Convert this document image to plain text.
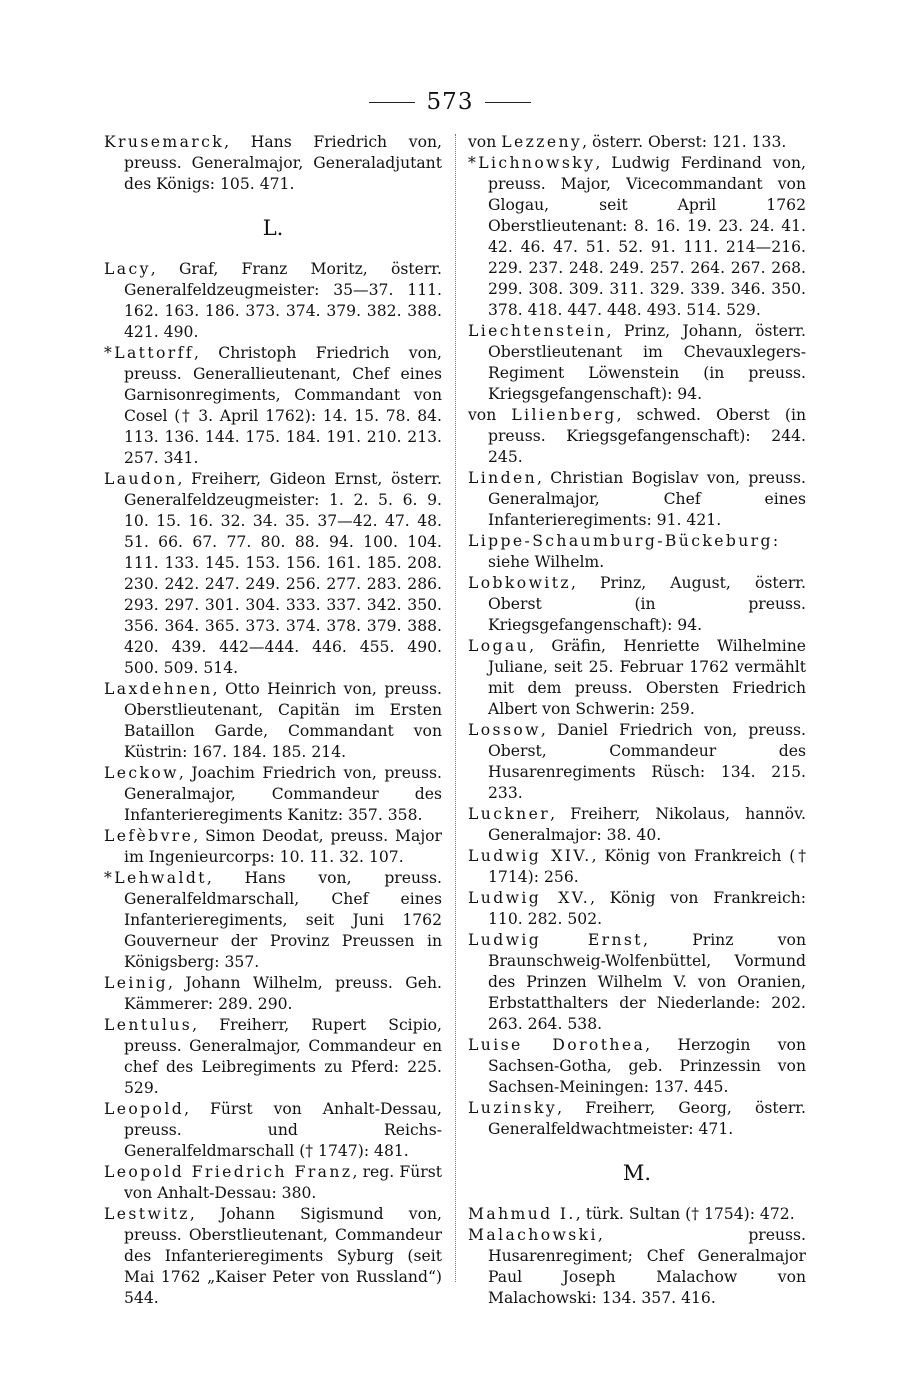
573

Krusemarck, Hans Friedrich von, preuss. Generalmajor, Generaladjutant des Königs: 105. 471.

L.

Lacy, Graf, Franz Moritz, österr. Generalfeldzeugmeister: 35—37. 111. 162. 163. 186. 373. 374. 379. 382. 388. 421. 490.

*Lattorff, Christoph Friedrich von, preuss. Generallieutenant, Chef eines Garnisonregiments, Commandant von Cosel († 3. April 1762): 14. 15. 78. 84. 113. 136. 144. 175. 184. 191. 210. 213. 257. 341.

Laudon, Freiherr, Gideon Ernst, österr. Generalfeldzeugmeister: 1. 2. 5. 6. 9. 10. 15. 16. 32. 34. 35. 37—42. 47. 48. 51. 66. 67. 77. 80. 88. 94. 100. 104. 111. 133. 145. 153. 156. 161. 185. 208. 230. 242. 247. 249. 256. 277. 283. 286. 293. 297. 301. 304. 333. 337. 342. 350. 356. 364. 365. 373. 374. 378. 379. 388. 420. 439. 442—444. 446. 455. 490. 500. 509. 514.

Laxdehnen, Otto Heinrich von, preuss. Oberstlieutenant, Capitän im Ersten Bataillon Garde, Commandant von Küstrin: 167. 184. 185. 214.

Leckow, Joachim Friedrich von, preuss. Generalmajor, Commandeur des Infanterieregiments Kanitz: 357. 358.

Lefèbvre, Simon Deodat, preuss. Major im Ingenieurcorps: 10. 11. 32. 107.

*Lehwaldt, Hans von, preuss. Generalfeldmarschall, Chef eines Infanterieregiments, seit Juni 1762 Gouverneur der Provinz Preussen in Königsberg: 357.

Leinig, Johann Wilhelm, preuss. Geh. Kämmerer: 289. 290.

Lentulus, Freiherr, Rupert Scipio, preuss. Generalmajor, Commandeur en chef des Leibregiments zu Pferd: 225. 529.

Leopold, Fürst von Anhalt-Dessau, preuss. und Reichs-Generalfeldmarschall († 1747): 481.

Leopold Friedrich Franz, reg. Fürst von Anhalt-Dessau: 380.

Lestwitz, Johann Sigismund von, preuss. Oberstlieutenant, Commandeur des Infanterieregiments Syburg (seit Mai 1762 „Kaiser Peter von Russland“) 544.

von Lezzeny, österr. Oberst: 121. 133.

*Lichnowsky, Ludwig Ferdinand von, preuss. Major, Vicecommandant von Glogau, seit April 1762 Oberstlieutenant: 8. 16. 19. 23. 24. 41. 42. 46. 47. 51. 52. 91. 111. 214—216. 229. 237. 248. 249. 257. 264. 267. 268. 299. 308. 309. 311. 329. 339. 346. 350. 378. 418. 447. 448. 493. 514. 529.

Liechtenstein, Prinz, Johann, österr. Oberstlieutenant im Chevauxlegers-Regiment Löwenstein (in preuss. Kriegsgefangenschaft): 94.

von Lilienberg, schwed. Oberst (in preuss. Kriegsgefangenschaft): 244. 245.

Linden, Christian Bogislav von, preuss. Generalmajor, Chef eines Infanterieregiments: 91. 421.

Lippe-Schaumburg-Bückeburg: siehe Wilhelm.

Lobkowitz, Prinz, August, österr. Oberst (in preuss. Kriegsgefangenschaft): 94.

Logau, Gräfin, Henriette Wilhelmine Juliane, seit 25. Februar 1762 vermählt mit dem preuss. Obersten Friedrich Albert von Schwerin: 259.

Lossow, Daniel Friedrich von, preuss. Oberst, Commandeur des Husarenregiments Rüsch: 134. 215. 233.

Luckner, Freiherr, Nikolaus, hannöv. Generalmajor: 38. 40.

Ludwig XIV., König von Frankreich († 1714): 256.

Ludwig XV., König von Frankreich: 110. 282. 502.

Ludwig Ernst, Prinz von Braunschweig-Wolfenbüttel, Vormund des Prinzen Wilhelm V. von Oranien, Erbstatthalters der Niederlande: 202. 263. 264. 538.

Luise Dorothea, Herzogin von Sachsen-Gotha, geb. Prinzessin von Sachsen-Meiningen: 137. 445.

Luzinsky, Freiherr, Georg, österr. Generalfeldwachtmeister: 471.

M.

Mahmud I., türk. Sultan († 1754): 472.

Malachowski, preuss. Husarenregiment; Chef Generalmajor Paul Joseph Malachow von Malachowski: 134. 357. 416.
